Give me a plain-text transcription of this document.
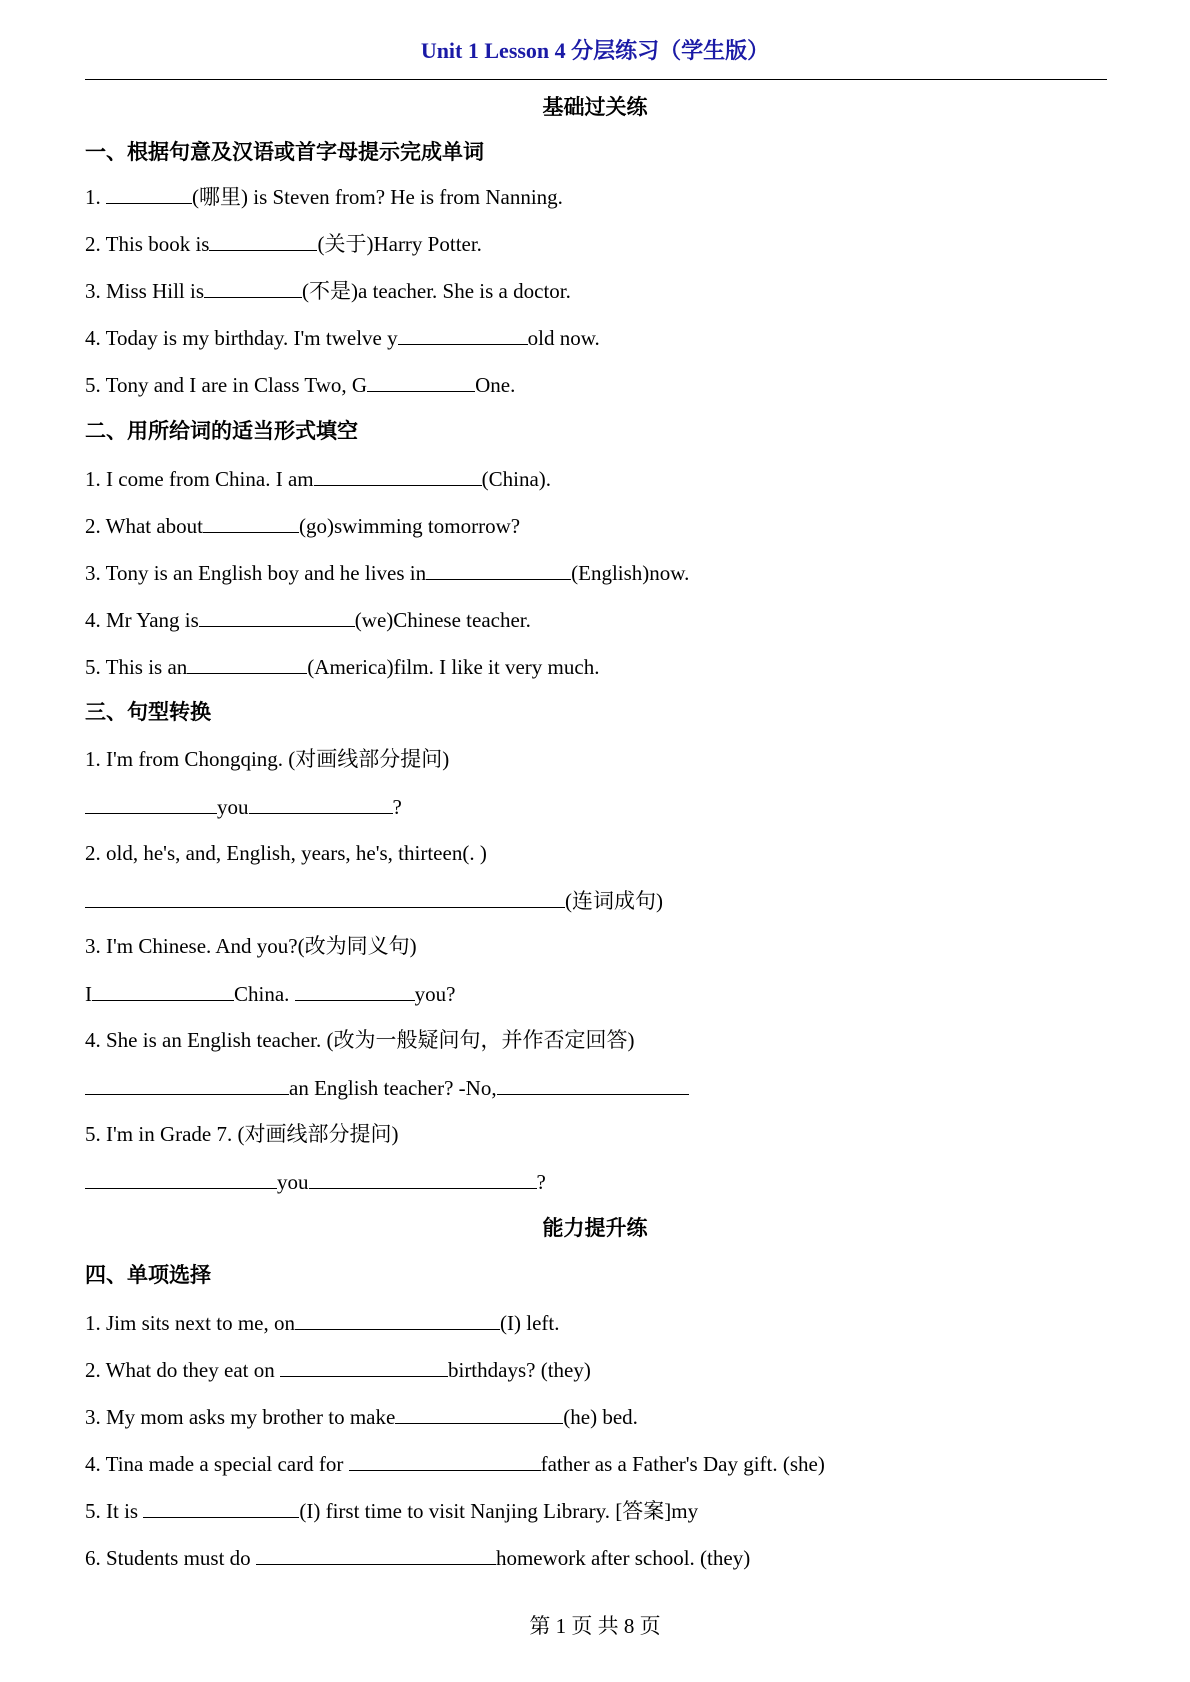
Unit 1 Lesson 4 分层练习（学生版）
基础过关练
一、根据句意及汉语或首字母提示完成单词
1.	(哪里) is Steven from? He is from Nanning.
2. This book is	(关于)Harry Potter.
3. Miss Hill is	(不是)a teacher. She is a doctor.
4. Today is my birthday. I'm twelve y	old now.
5. Tony and I are in Class Two, G	One.
二、用所给词的适当形式填空
1. I come from China. I am	(China).
2. What about	(go)swimming tomorrow?
3. Tony is an English boy and he lives in	(English)now.
4. Mr Yang is	(we)Chinese teacher.
5. This is an	(America)film. I like it very much.
三、句型转换
1. I'm from Chongqing. (对画线部分提问)
you	?
2. old, he's, and, English, years, he's, thirteen(. )
(连词成句)
3. I'm Chinese. And you?(改为同义句)
I	China.	you?
4. She is an English teacher. (改为一般疑问句，并作否定回答)
an English teacher? -No,
5. I'm in Grade 7. (对画线部分提问)
you	?
能力提升练
四、单项选择
1. Jim sits next to me, on	(I) left.
2. What do they eat on	birthdays? (they)
3. My mom asks my brother to make	(he) bed.
4. Tina made a special card for	father as a Father's Day gift. (she)
5. It is	(I) first time to visit Nanjing Library. [答案]my
6. Students must do	homework after school. (they)
第 1 页 共 8 页
